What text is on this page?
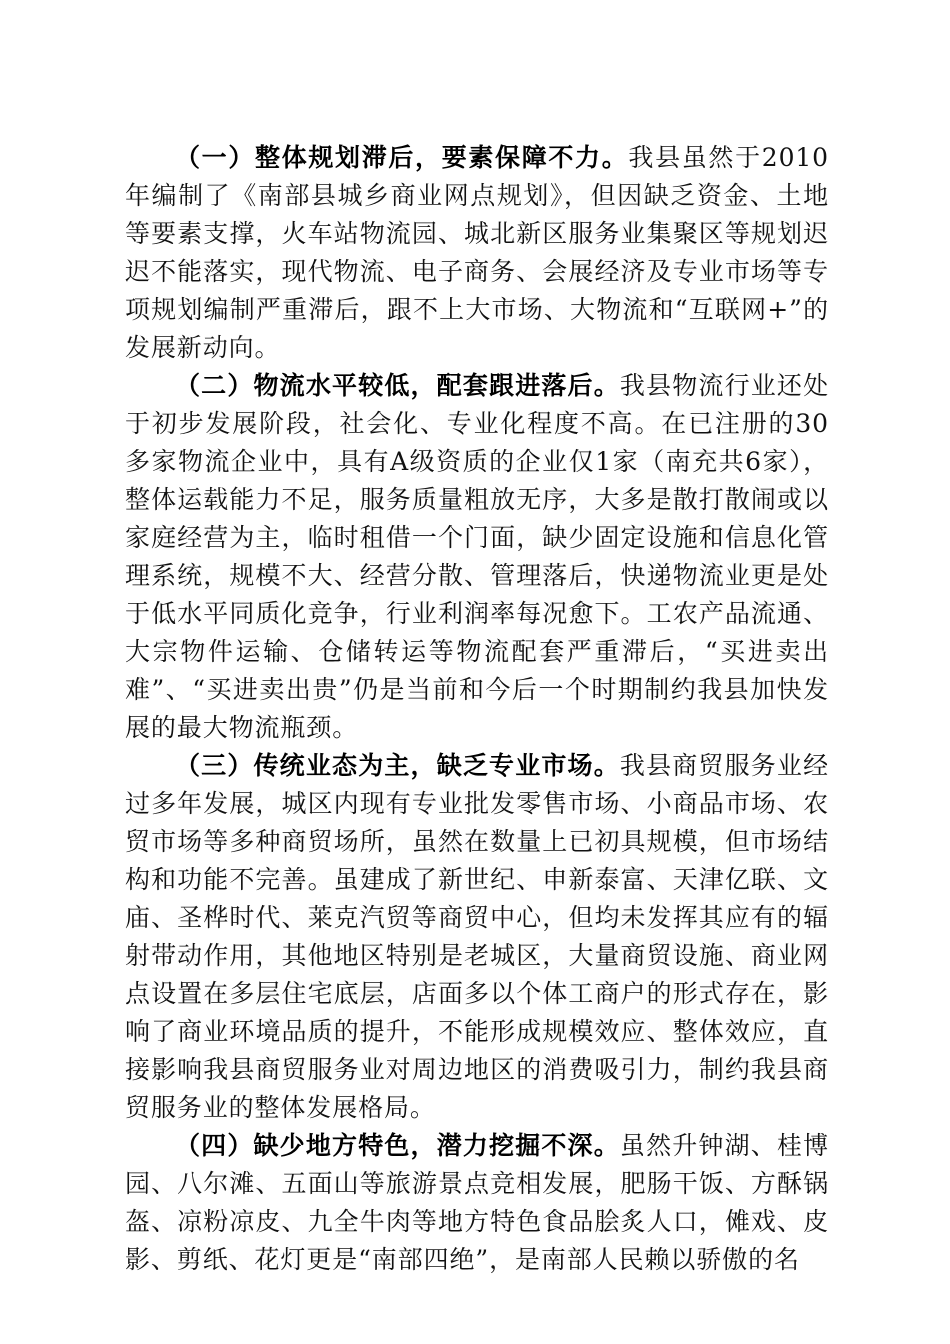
（一）整体规划滞后，要素保障不力。我县虽然于2010年编制了《南部县城乡商业网点规划》，但因缺乏资金、土地等要素支撑，火车站物流园、城北新区服务业集聚区等规划迟迟不能落实，现代物流、电子商务、会展经济及专业市场等专项规划编制严重滞后，跟不上大市场、大物流和“互联网+”的发展新动向。

（二）物流水平较低，配套跟进落后。我县物流行业还处于初步发展阶段，社会化、专业化程度不高。在已注册的30多家物流企业中，具有A级资质的企业仅1家（南充共6家），整体运载能力不足，服务质量粗放无序，大多是散打散闹或以家庭经营为主，临时租借一个门面，缺少固定设施和信息化管理系统，规模不大、经营分散、管理落后，快递物流业更是处于低水平同质化竞争，行业利润率每况愈下。工农产品流通、大宗物件运输、仓储转运等物流配套严重滞后，“买进卖出难”、“买进卖出贵”仍是当前和今后一个时期制约我县加快发展的最大物流瓶颈。

（三）传统业态为主，缺乏专业市场。我县商贸服务业经过多年发展，城区内现有专业批发零售市场、小商品市场、农贸市场等多种商贸场所，虽然在数量上已初具规模，但市场结构和功能不完善。虽建成了新世纪、申新泰富、天津亿联、文庙、圣桦时代、莱克汽贸等商贸中心，但均未发挥其应有的辐射带动作用，其他地区特别是老城区，大量商贸设施、商业网点设置在多层住宅底层，店面多以个体工商户的形式存在，影响了商业环境品质的提升，不能形成规模效应、整体效应，直接影响我县商贸服务业对周边地区的消费吸引力，制约我县商贸服务业的整体发展格局。

（四）缺少地方特色，潜力挖掘不深。虽然升钟湖、桂博园、八尔滩、五面山等旅游景点竞相发展，肥肠干饭、方酥锅盔、凉粉凉皮、九全牛肉等地方特色食品脍炙人口，傩戏、皮影、剪纸、花灯更是“南部四绝”，是南部人民赖以骄傲的名
